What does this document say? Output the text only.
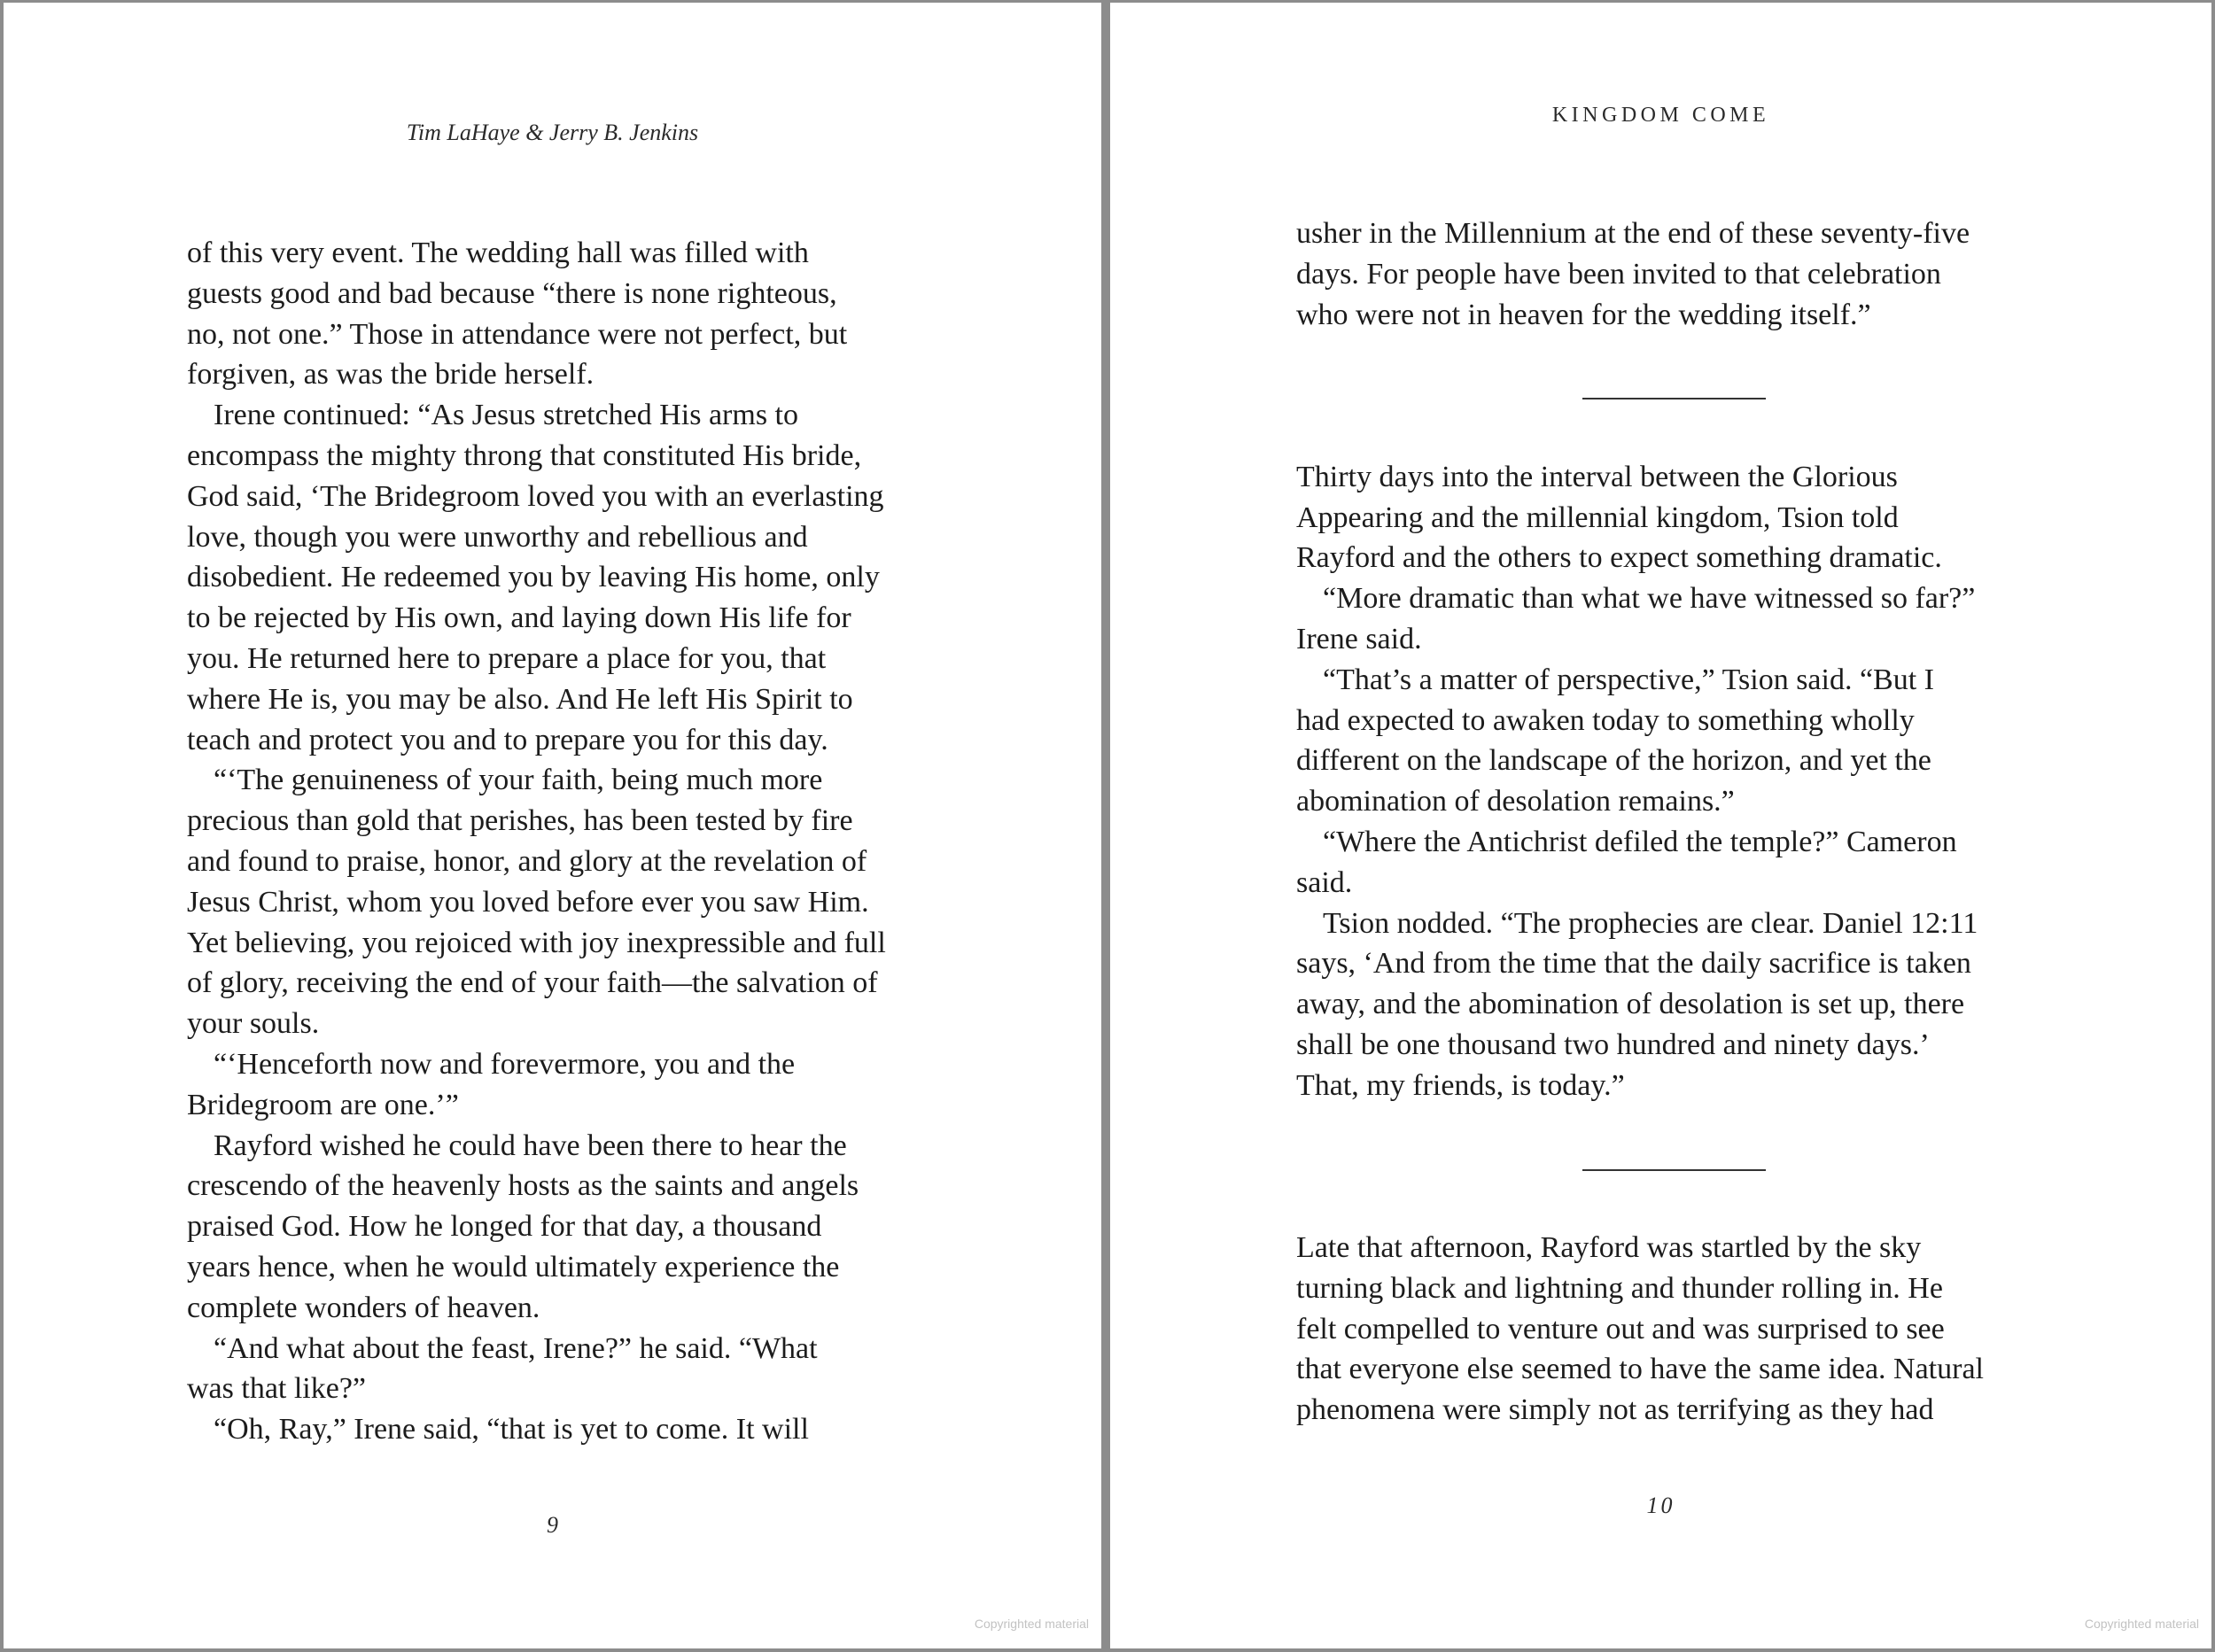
Tim LaHaye & Jerry B. Jenkins
of this very event. The wedding hall was filled with
guests good and bad because “there is none righteous,
no, not one.” Those in attendance were not perfect, but
forgiven, as was the bride herself.
Irene continued: “As Jesus stretched His arms to
encompass the mighty throng that constituted His bride,
God said, ‘The Bridegroom loved you with an everlasting
love, though you were unworthy and rebellious and
disobedient. He redeemed you by leaving His home, only
to be rejected by His own, and laying down His life for
you. He returned here to prepare a place for you, that
where He is, you may be also. And He left His Spirit to
teach and protect you and to prepare you for this day.
“‘The genuineness of your faith, being much more
precious than gold that perishes, has been tested by fire
and found to praise, honor, and glory at the revelation of
Jesus Christ, whom you loved before ever you saw Him.
Yet believing, you rejoiced with joy inexpressible and full
of glory, receiving the end of your faith—the salvation of
your souls.
“‘Henceforth now and forevermore, you and the
Bridegroom are one.’”
Rayford wished he could have been there to hear the
crescendo of the heavenly hosts as the saints and angels
praised God. How he longed for that day, a thousand
years hence, when he would ultimately experience the
complete wonders of heaven.
“And what about the feast, Irene?” he said. “What
was that like?”
“Oh, Ray,” Irene said, “that is yet to come. It will
9
Copyrighted material
KINGDOM COME
usher in the Millennium at the end of these seventy-five
days. For people have been invited to that celebration
who were not in heaven for the wedding itself.”
Thirty days into the interval between the Glorious
Appearing and the millennial kingdom, Tsion told
Rayford and the others to expect something dramatic.
“More dramatic than what we have witnessed so far?”
Irene said.
“That’s a matter of perspective,” Tsion said. “But I
had expected to awaken today to something wholly
different on the landscape of the horizon, and yet the
abomination of desolation remains.”
“Where the Antichrist defiled the temple?” Cameron
said.
Tsion nodded. “The prophecies are clear. Daniel 12:11
says, ‘And from the time that the daily sacrifice is taken
away, and the abomination of desolation is set up, there
shall be one thousand two hundred and ninety days.’
That, my friends, is today.”
Late that afternoon, Rayford was startled by the sky
turning black and lightning and thunder rolling in. He
felt compelled to venture out and was surprised to see
that everyone else seemed to have the same idea. Natural
phenomena were simply not as terrifying as they had
10
Copyrighted material
